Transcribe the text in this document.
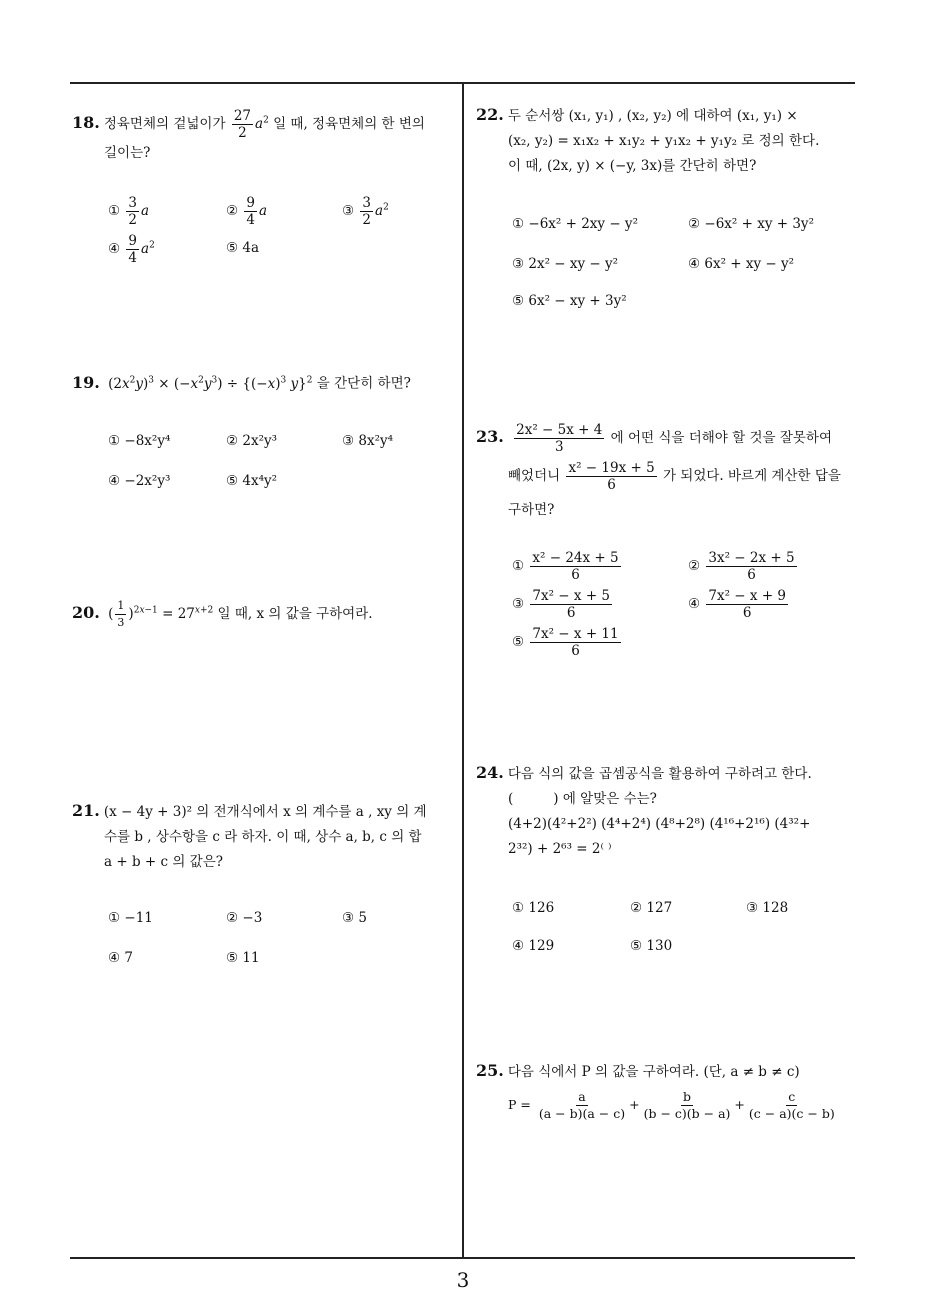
18. 정육면체의 겉넓이가 $\frac{27}{2} a^2$ 일 때, 정육면체의 한 변의
길이는?
① $\frac{3}{2}$ a	② $\frac{9}{4}$ a	③ $\frac{3}{2} a^2$
④ $\frac{9}{4} a^2$	⑤ 4a
19. $(2x^2y)^3 \times (-x^2y^3) \div \{(-x)^3$ y}$^2$ 을 간단히 하면?
① −8x²y⁴	② 2x²y³	③ 8x²y⁴
④ −2x²y³	⑤ 4x⁴y²
20. ( $\frac{1}{3} )^{2x-1} = 27^{x+2}$ 일 때, x 의 값을 구하여라.
21. (x − 4y + 3)² 의 전개식에서 x 의 계수를 a , xy 의 계
수를 b , 상수항을 c 라 하자. 이 때, 상수 a, b, c 의 합
a + b + c 의 값은?
① −11	② −3	③ 5
④ 7	⑤ 11
22. 두 순서쌍 (x₁, y₁) , (x₂, y₂) 에 대하여 (x₁, y₁) ×
(x₂, y₂) = x₁x₂ + x₁y₂ + y₁x₂ + y₁y₂ 로 정의 한다.
이 때, (2x, y) × (−y, 3x)를 간단히 하면?
① −6x² + 2xy − y²	② −6x² + xy + 3y²
③ 2x² − xy − y²	④ 6x² + xy − y²
⑤ 6x² − xy + 3y²
23. $\frac{\text{2x² − 5x + 4}}{3}$ 에 어떤 식을 더해야 할 것을 잘못하여
빼었더니 $\frac{\text{x² − 19x + 5}}{6}$ 가 되었다. 바르게 계산한 답을
구하면?
① $\frac{\text{x² − 24x + 5}}{6}$	② $\frac{\text{3x² − 2x + 5}}{6}$
③ $\frac{\text{7x² − x + 5}}{6}$	④ $\frac{\text{7x² − x + 9}}{6}$
⑤ $\frac{\text{7x² − x + 11}}{6}$
24. 다음 식의 값을 곱셈공식을 활용하여 구하려고 한다.
(	) 에 알맞은 수는?
(4+2)(4²+2²) (4⁴+2⁴) (4⁸+2⁸) (4¹⁶+2¹⁶) (4³²+
2³²) + 2⁶³ = 2⁽ ⁾
① 126	② 127	③ 128
④ 129	⑤ 130
25. 다음 식에서 P 의 값을 구하여라. (단, a ≠ b ≠ c)
$P = \frac{a}{(a - b)(a - c)} + \frac{b}{(b - c)(b - a)} + \frac{c}{(c - a)(c - b)}$
3
